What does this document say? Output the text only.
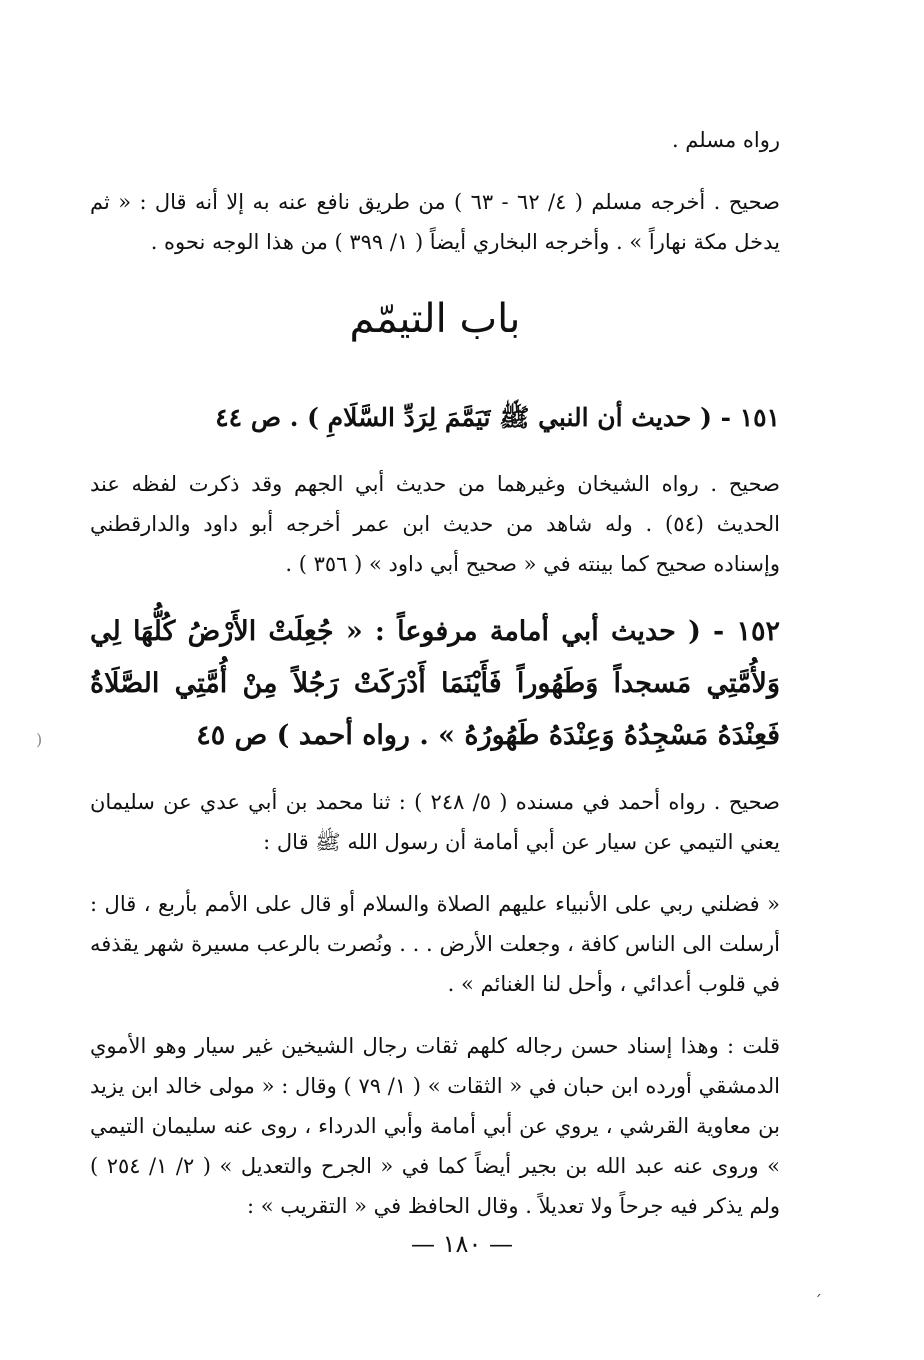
رواه مسلم .

صحيح . أخرجه مسلم ( ٤/ ٦٢ - ٦٣ ) من طريق نافع عنه به إلا أنه قال : « ثم يدخل مكة نهاراً » . وأخرجه البخاري أيضاً ( ١/ ٣٩٩ ) من هذا الوجه نحوه .

باب التيمّم

١٥١ - ( حديث أن النبي ﷺ تَيَمَّمَ لِرَدِّ السَّلَامِ ) . ص ٤٤

صحيح . رواه الشيخان وغيرهما من حديث أبي الجهم وقد ذكرت لفظه عند الحديث (٥٤) . وله شاهد من حديث ابن عمر أخرجه أبو داود والدارقطني وإسناده صحيح كما بينته في « صحيح أبي داود » ( ٣٥٦ ) .

١٥٢ - ( حديث أبي أمامة مرفوعاً : « جُعِلَتْ الأَرْضُ كُلُّهَا لِي وَلأُمَّتِي مَسجداً وَطَهُوراً فَأَيْنَمَا أَدْرَكَتْ رَجُلاً مِنْ أُمَّتِي الصَّلَاةُ فَعِنْدَهُ مَسْجِدُهُ وَعِنْدَهُ طَهُورُهُ » . رواه أحمد ) ص ٤٥

صحيح . رواه أحمد في مسنده ( ٥/ ٢٤٨ ) : ثنا محمد بن أبي عدي عن سليمان يعني التيمي عن سيار عن أبي أمامة أن رسول الله ﷺ قال :

« فضلني ربي على الأنبياء عليهم الصلاة والسلام أو قال على الأمم بأربع ، قال : أرسلت الى الناس كافة ، وجعلت الأرض . . . ونُصرت بالرعب مسيرة شهر يقذفه في قلوب أعدائي ، وأحل لنا الغنائم » .

قلت : وهذا إسناد حسن رجاله كلهم ثقات رجال الشيخين غير سيار وهو الأموي الدمشقي أورده ابن حبان في « الثقات » ( ١/ ٧٩ ) وقال : « مولى خالد ابن يزيد بن معاوية القرشي ، يروي عن أبي أمامة وأبي الدرداء ، روى عنه سليمان التيمي » وروى عنه عبد الله بن بجير أيضاً كما في « الجرح والتعديل » ( ٢/ ١/ ٢٥٤ ) ولم يذكر فيه جرحاً ولا تعديلاً . وقال الحافظ في « التقريب » :

— ١٨٠ —
)
´
